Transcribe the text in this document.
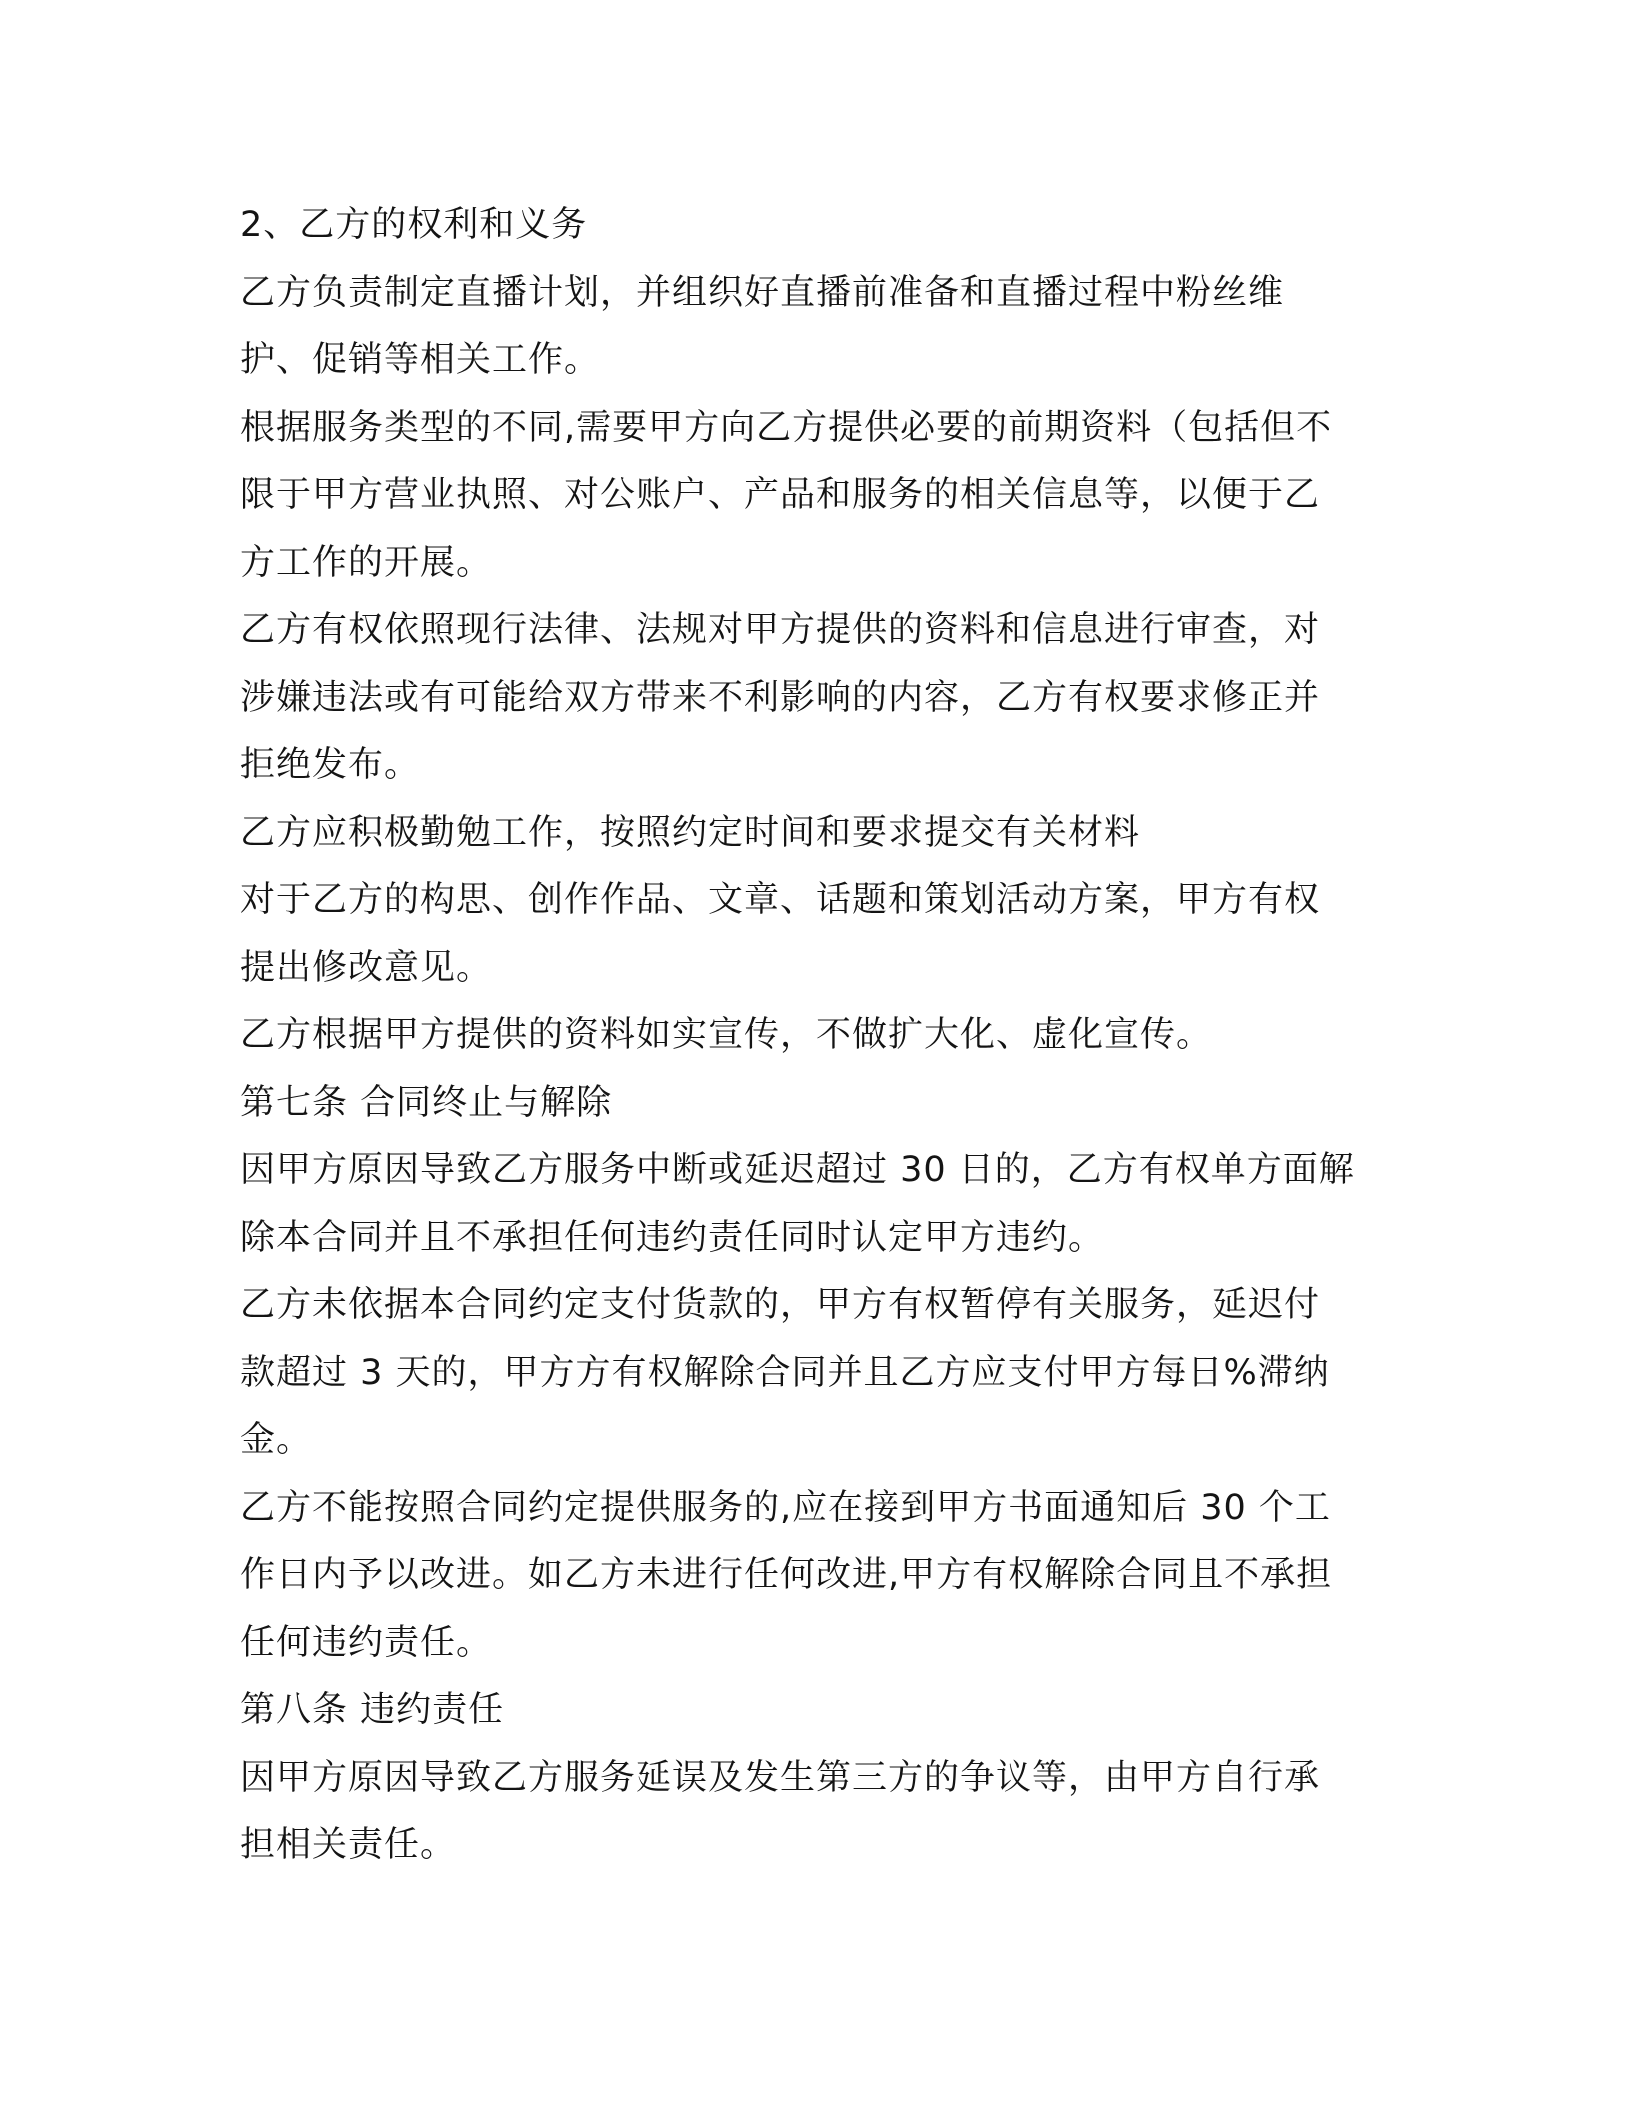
2、乙方的权利和义务
乙方负责制定直播计划，并组织好直播前准备和直播过程中粉丝维
护、促销等相关工作。
根据服务类型的不同,需要甲方向乙方提供必要的前期资料（包括但不
限于甲方营业执照、对公账户、产品和服务的相关信息等，以便于乙
方工作的开展。
乙方有权依照现行法律、法规对甲方提供的资料和信息进行审查，对
涉嫌违法或有可能给双方带来不利影响的内容，乙方有权要求修正并
拒绝发布。
乙方应积极勤勉工作，按照约定时间和要求提交有关材料
对于乙方的构思、创作作品、文章、话题和策划活动方案，甲方有权
提出修改意见。
乙方根据甲方提供的资料如实宣传，不做扩大化、虚化宣传。
第七条 合同终止与解除
因甲方原因导致乙方服务中断或延迟超过 30 日的，乙方有权单方面解
除本合同并且不承担任何违约责任同时认定甲方违约。
乙方未依据本合同约定支付货款的，甲方有权暂停有关服务，延迟付
款超过 3 天的，甲方方有权解除合同并且乙方应支付甲方每日%滞纳
金。
乙方不能按照合同约定提供服务的,应在接到甲方书面通知后 30 个工
作日内予以改进。如乙方未进行任何改进,甲方有权解除合同且不承担
任何违约责任。
第八条 违约责任
因甲方原因导致乙方服务延误及发生第三方的争议等，由甲方自行承
担相关责任。
